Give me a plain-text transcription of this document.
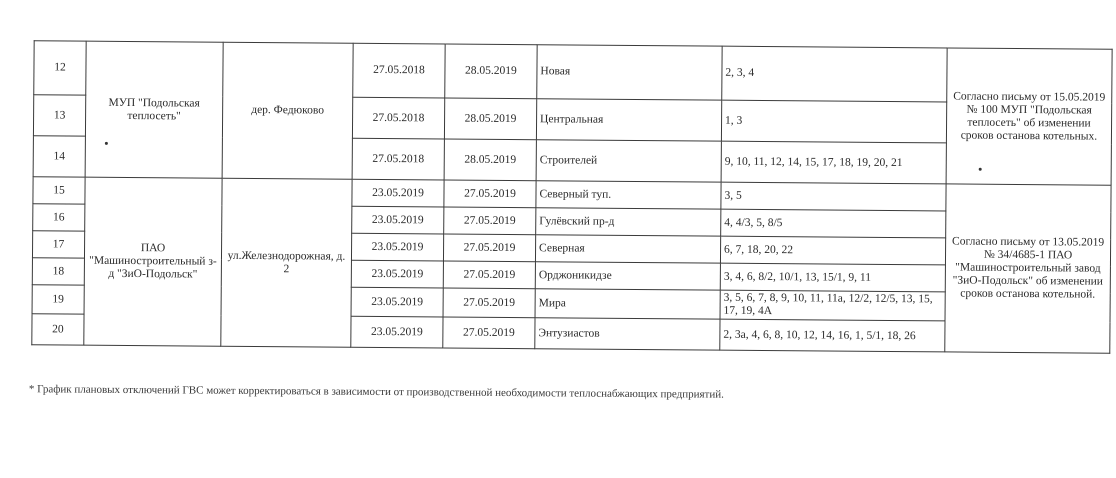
12	МУП "Подольская теплосеть"	дер. Федюково	27.05.2018	28.05.2019	Новая	2, 3, 4	Согласно письму от 15.05.2019 № 100 МУП "Подольская теплосеть" об изменении сроков останова котельных.
13			27.05.2018	28.05.2019	Центральная	1, 3	
14			27.05.2018	28.05.2019	Строителей	9, 10, 11, 12, 14, 15, 17, 18, 19, 20, 21	
15	ПАО "Машиностроительный з-д "ЗиО-Подольск"	ул.Железнодорожная, д. 2	23.05.2019	27.05.2019	Северный туп.	3, 5	Согласно письму от 13.05.2019 № 34/4685-1 ПАО "Машиностроительный завод "ЗиО-Подольск" об изменении сроков останова котельной.
16			23.05.2019	27.05.2019	Гулёвский пр-д	4, 4/3, 5, 8/5	
17			23.05.2019	27.05.2019	Северная	6, 7, 18, 20, 22	
18			23.05.2019	27.05.2019	Орджоникидзе	3, 4, 6, 8/2, 10/1, 13, 15/1, 9, 11	
19			23.05.2019	27.05.2019	Мира	3, 5, 6, 7, 8, 9, 10, 11, 11а, 12/2, 12/5, 13, 15, 17, 19, 4А	
20			23.05.2019	27.05.2019	Энтузиастов	2, 3а, 4, 6, 8, 10, 12, 14, 16, 1, 5/1, 18, 26	
* График плановых отключений ГВС может корректироваться в зависимости от производственной необходимости теплоснабжающих предприятий.
